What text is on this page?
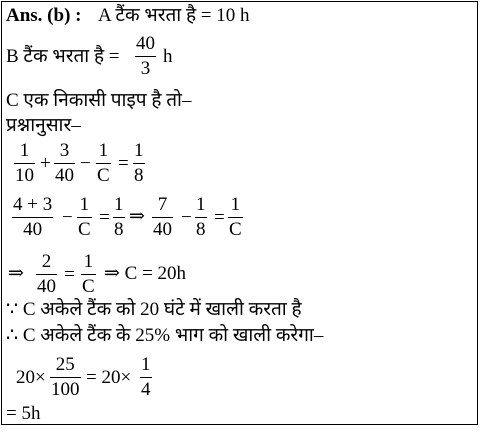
Ans. (b) : A टैंक भरता है = 10 h
B टैंक भरता है =
40
3
h
C एक निकासी पाइप है तो–
प्रश्नानुसार–
1
10
+
3
40
−
1
C
=
1
8
4 + 3
40
−
1
C
=
1
8
⇒
7
40
−
1
8
=
1
C
⇒
2
40
=
1
C
⇒ C = 20h
∵ C अकेले टैंक को 20 घंटे में खाली करता है
∴ C अकेले टैंक के 25% भाग को खाली करेगा–
20×
25
100
= 20×
1
4
= 5h
